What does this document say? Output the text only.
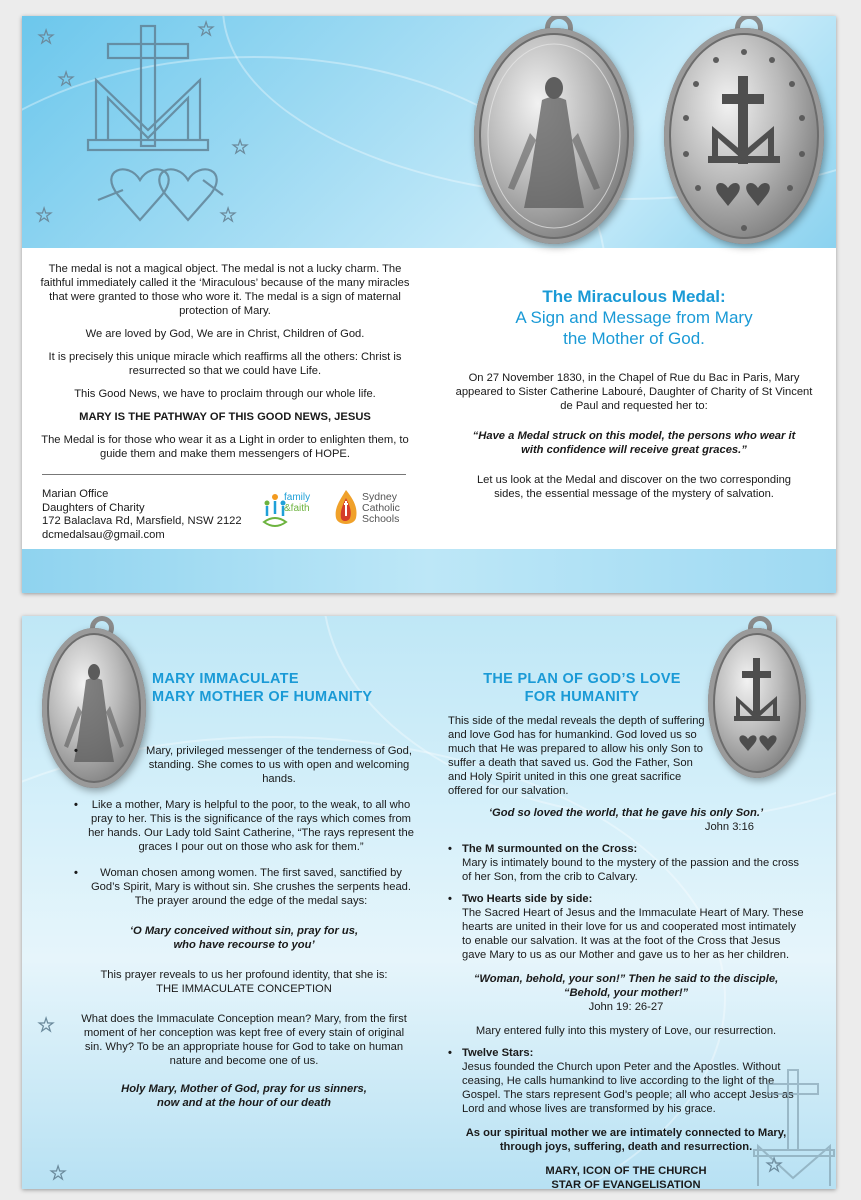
★
★
★
★
★
★

The medal is not a magical object. The medal is not a lucky charm. The faithful immediately called it the ‘Miraculous’ because of the many miracles that were granted to those who wore it. The medal is a sign of maternal protection of Mary.

We are loved by God, We are in Christ, Children of God.

It is precisely this unique miracle which reaffirms all the others: Christ is resurrected so that we could have Life.

This Good News, we have to proclaim through our whole life.

MARY IS THE PATHWAY OF THIS GOOD NEWS, JESUS

The Medal is for those who wear it as a Light in order to enlighten them, to guide them and make them messengers of HOPE.

Marian Office
Daughters of Charity
172 Balaclava Rd, Marsfield, NSW 2122
dcmedalsau@gmail.com
family
&faith
Sydney
Catholic
Schools
The Miraculous Medal:
A Sign and Message from Mary
the Mother of God.

On 27 November 1830, in the Chapel of Rue du Bac in Paris, Mary appeared to Sister Catherine Labouré, Daughter of Charity of St Vincent de Paul and requested her to:

“Have a Medal struck on this model, the persons who wear it with confidence will receive great graces.”

Let us look at the Medal and discover on the two corresponding sides, the essential message of the mystery of salvation.

★
★	★
MARY IMMACULATE
MARY MOTHER OF HUMANITY
• Mary, privileged messenger of the tenderness of God, standing. She comes to us with open and welcoming hands.
• Like a mother, Mary is helpful to the poor, to the weak, to all who pray to her. This is the significance of the rays which comes from her hands. Our Lady told Saint Catherine, “The rays represent the graces I pour out on those who ask for them.”
• Woman chosen among women. The first saved, sanctified by God’s Spirit, Mary is without sin. She crushes the serpents head. The prayer around the edge of the medal says:

‘O Mary conceived without sin, pray for us,

who have recourse to you’

This prayer reveals to us her profound identity, that she is:

THE IMMACULATE CONCEPTION

What does the Immaculate Conception mean? Mary, from the first moment of her conception was kept free of every stain of original sin. Why? To be an appropriate house for God to take on human nature and become one of us.

Holy Mary, Mother of God, pray for us sinners,

now and at the hour of our death

THE PLAN OF GOD’S LOVE
FOR HUMANITY

This side of the medal reveals the depth of suffering and love God has for humankind. God loved us so much that He was prepared to allow his only Son to suffer a death that saved us. God the Father, Son and Holy Spirit united in this one great sacrifice offered for our salvation.

‘God so loved the world, that he gave his only Son.’

John 3:16

• The M surmounted on the Cross:
Mary is intimately bound to the mystery of the passion and the cross of her Son, from the crib to Calvary.
• Two Hearts side by side:
The Sacred Heart of Jesus and the Immaculate Heart of Mary. These hearts are united in their love for us and cooperated most intimately to enable our salvation. It was at the foot of the Cross that Jesus gave Mary to us as our Mother and gave us to her as her children.

“Woman, behold, your son!” Then he said to the disciple,

“Behold, your mother!”

John 19: 26-27

Mary entered fully into this mystery of Love, our resurrection.

• Twelve Stars:
Jesus founded the Church upon Peter and the Apostles. Without ceasing, He calls humankind to live according to the light of the Gospel. The stars represent God’s people; all who accept Jesus as Lord and whose lives are transformed by his grace.

As our spiritual mother we are intimately connected to Mary,

through joys, suffering, death and resurrection.

MARY, ICON OF THE CHURCH

STAR OF EVANGELISATION
